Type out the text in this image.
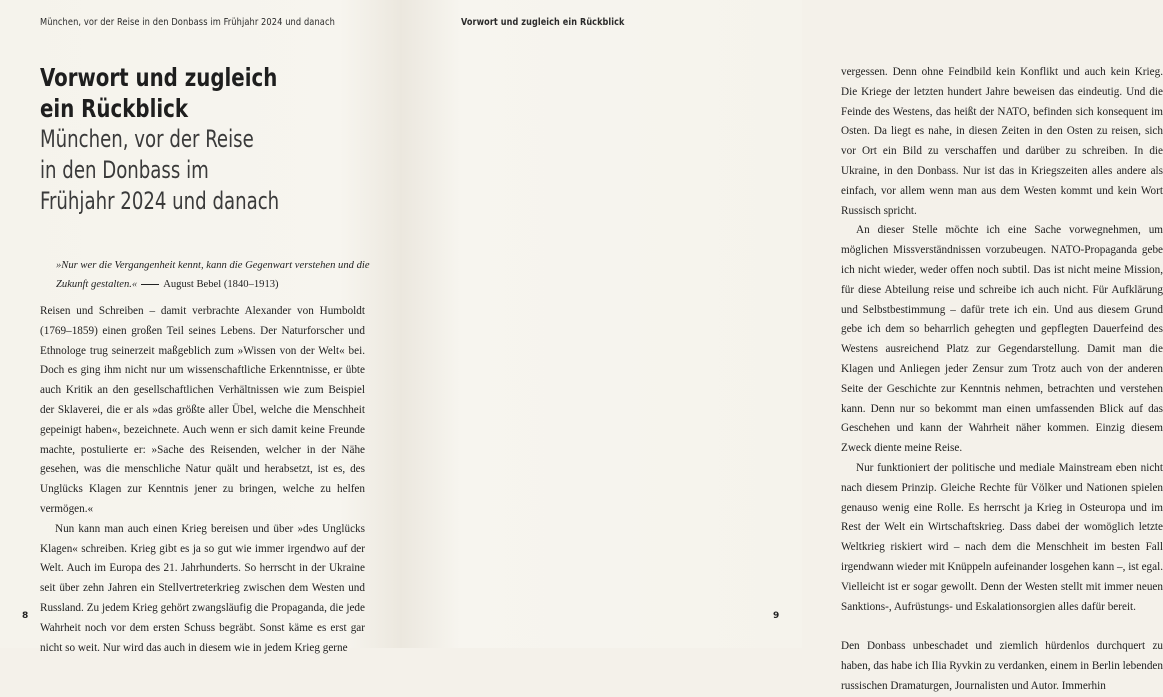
München, vor der Reise in den Donbass im Frühjahr 2024 und danach
Vorwort und zugleich
ein Rückblick
München, vor der Reise
in den Donbass im
Frühjahr 2024 und danach
»Nur wer die Vergangenheit kennt, kann die Gegenwart verstehen und die Zukunft gestalten.« August Bebel (1840–1913)

Reisen und Schreiben – damit verbrachte Alexander von Humboldt (1769–1859) einen großen Teil seines Lebens. Der Naturforscher und Ethnologe trug seinerzeit maßgeblich zum »Wissen von der Welt« bei. Doch es ging ihm nicht nur um wissenschaftliche Erkenntnisse, er übte auch Kritik an den gesellschaftlichen Verhältnissen wie zum Beispiel der Sklaverei, die er als »das größte aller Übel, welche die Menschheit gepeinigt haben«, bezeichnete. Auch wenn er sich damit keine Freunde machte, postulierte er: »Sache des Reisenden, welcher in der Nähe gesehen, was die menschliche Natur quält und herabsetzt, ist es, des Unglücks Klagen zur Kenntnis jener zu bringen, welche zu helfen vermögen.«

Nun kann man auch einen Krieg bereisen und über »des Unglücks Klagen« schreiben. Krieg gibt es ja so gut wie immer irgendwo auf der Welt. Auch im Europa des 21. Jahrhunderts. So herrscht in der Ukraine seit über zehn Jahren ein Stellvertreterkrieg zwischen dem Westen und Russland. Zu jedem Krieg gehört zwangsläufig die Propaganda, die jede Wahrheit noch vor dem ersten Schuss begräbt. Sonst käme es erst gar nicht so weit. Nur wird das auch in diesem wie in jedem Krieg gerne

8

vergessen. Denn ohne Feindbild kein Konflikt und auch kein Krieg. Die Kriege der letzten hundert Jahre beweisen das eindeutig. Und die Feinde des Westens, das heißt der NATO, befinden sich konsequent im Osten. Da liegt es nahe, in diesen Zeiten in den Osten zu reisen, sich vor Ort ein Bild zu verschaffen und darüber zu schreiben. In die Ukraine, in den Donbass. Nur ist das in Kriegszeiten alles andere als einfach, vor allem wenn man aus dem Westen kommt und kein Wort Russisch spricht.

An dieser Stelle möchte ich eine Sache vorwegnehmen, um möglichen Missverständnissen vorzubeugen. NATO-Propaganda gebe ich nicht wieder, weder offen noch subtil. Das ist nicht meine Mission, für diese Abteilung reise und schreibe ich auch nicht. Für Aufklärung und Selbstbestimmung – dafür trete ich ein. Und aus diesem Grund gebe ich dem so beharrlich gehegten und gepflegten Dauerfeind des Westens ausreichend Platz zur Gegendarstellung. Damit man die Klagen und Anliegen jeder Zensur zum Trotz auch von der anderen Seite der Geschichte zur Kenntnis nehmen, betrachten und verstehen kann. Denn nur so bekommt man einen umfassenden Blick auf das Geschehen und kann der Wahrheit näher kommen. Einzig diesem Zweck diente meine Reise.

Nur funktioniert der politische und mediale Mainstream eben nicht nach diesem Prinzip. Gleiche Rechte für Völker und Nationen spielen genauso wenig eine Rolle. Es herrscht ja Krieg in Osteuropa und im Rest der Welt ein Wirtschaftskrieg. Dass dabei der womöglich letzte Weltkrieg riskiert wird – nach dem die Menschheit im besten Fall irgendwann wieder mit Knüppeln aufeinander losgehen kann –, ist egal. Vielleicht ist er sogar gewollt. Denn der Westen stellt mit immer neuen Sanktions-, Aufrüstungs- und Eskalationsorgien alles dafür bereit.

Den Donbass unbeschadet und ziemlich hürdenlos durchquert zu haben, das habe ich Ilia Ryvkin zu verdanken, einem in Berlin lebenden russischen Dramaturgen, Journalisten und Autor. Immerhin

Vorwort und zugleich ein Rückblick
9
